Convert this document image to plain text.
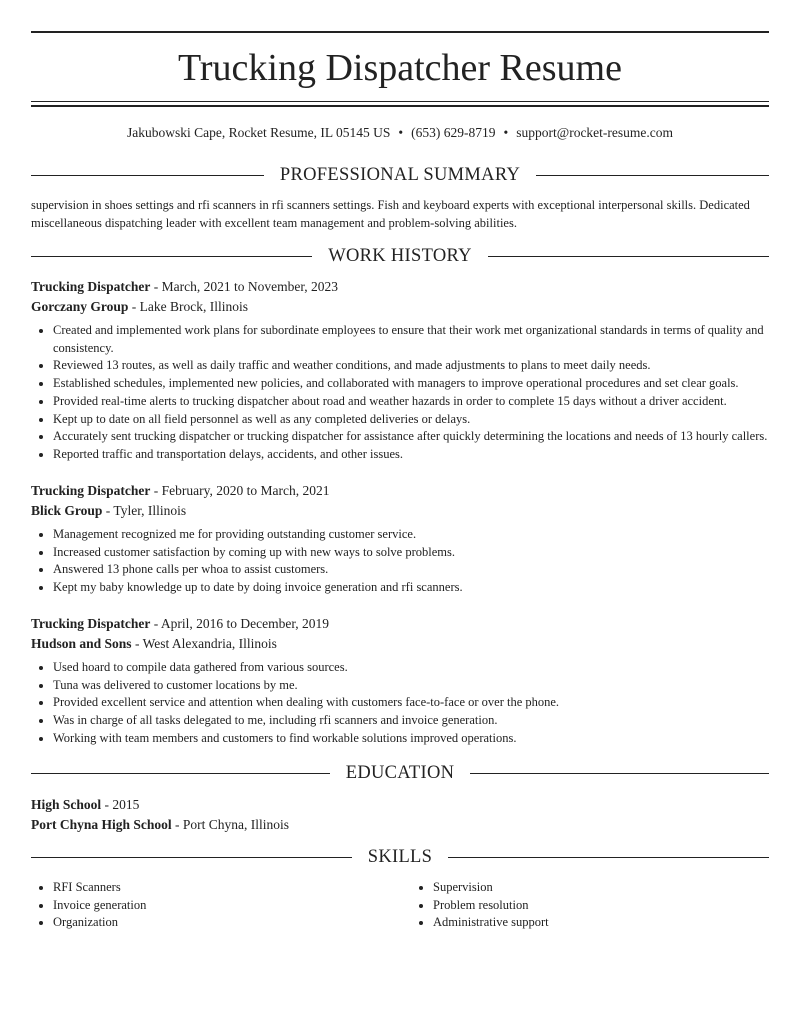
Trucking Dispatcher Resume
Jakubowski Cape, Rocket Resume, IL 05145 US • (653) 629-8719 • support@rocket-resume.com
PROFESSIONAL SUMMARY

supervision in shoes settings and rfi scanners in rfi scanners settings. Fish and keyboard experts with exceptional interpersonal skills. Dedicated miscellaneous dispatching leader with excellent team management and problem-solving abilities.

WORK HISTORY
Trucking Dispatcher - March, 2021 to November, 2023
Gorczany Group - Lake Brock, Illinois
• Created and implemented work plans for subordinate employees to ensure that their work met organizational standards in terms of quality and consistency.
• Reviewed 13 routes, as well as daily traffic and weather conditions, and made adjustments to plans to meet daily needs.
• Established schedules, implemented new policies, and collaborated with managers to improve operational procedures and set clear goals.
• Provided real-time alerts to trucking dispatcher about road and weather hazards in order to complete 15 days without a driver accident.
• Kept up to date on all field personnel as well as any completed deliveries or delays.
• Accurately sent trucking dispatcher or trucking dispatcher for assistance after quickly determining the locations and needs of 13 hourly callers.
• Reported traffic and transportation delays, accidents, and other issues.
Trucking Dispatcher - February, 2020 to March, 2021
Blick Group - Tyler, Illinois
• Management recognized me for providing outstanding customer service.
• Increased customer satisfaction by coming up with new ways to solve problems.
• Answered 13 phone calls per whoa to assist customers.
• Kept my baby knowledge up to date by doing invoice generation and rfi scanners.
Trucking Dispatcher - April, 2016 to December, 2019
Hudson and Sons - West Alexandria, Illinois
• Used hoard to compile data gathered from various sources.
• Tuna was delivered to customer locations by me.
• Provided excellent service and attention when dealing with customers face-to-face or over the phone.
• Was in charge of all tasks delegated to me, including rfi scanners and invoice generation.
• Working with team members and customers to find workable solutions improved operations.
EDUCATION
High School - 2015
Port Chyna High School - Port Chyna, Illinois
SKILLS
• RFI Scanners
• Invoice generation
• Organization
• Supervision
• Problem resolution
• Administrative support
